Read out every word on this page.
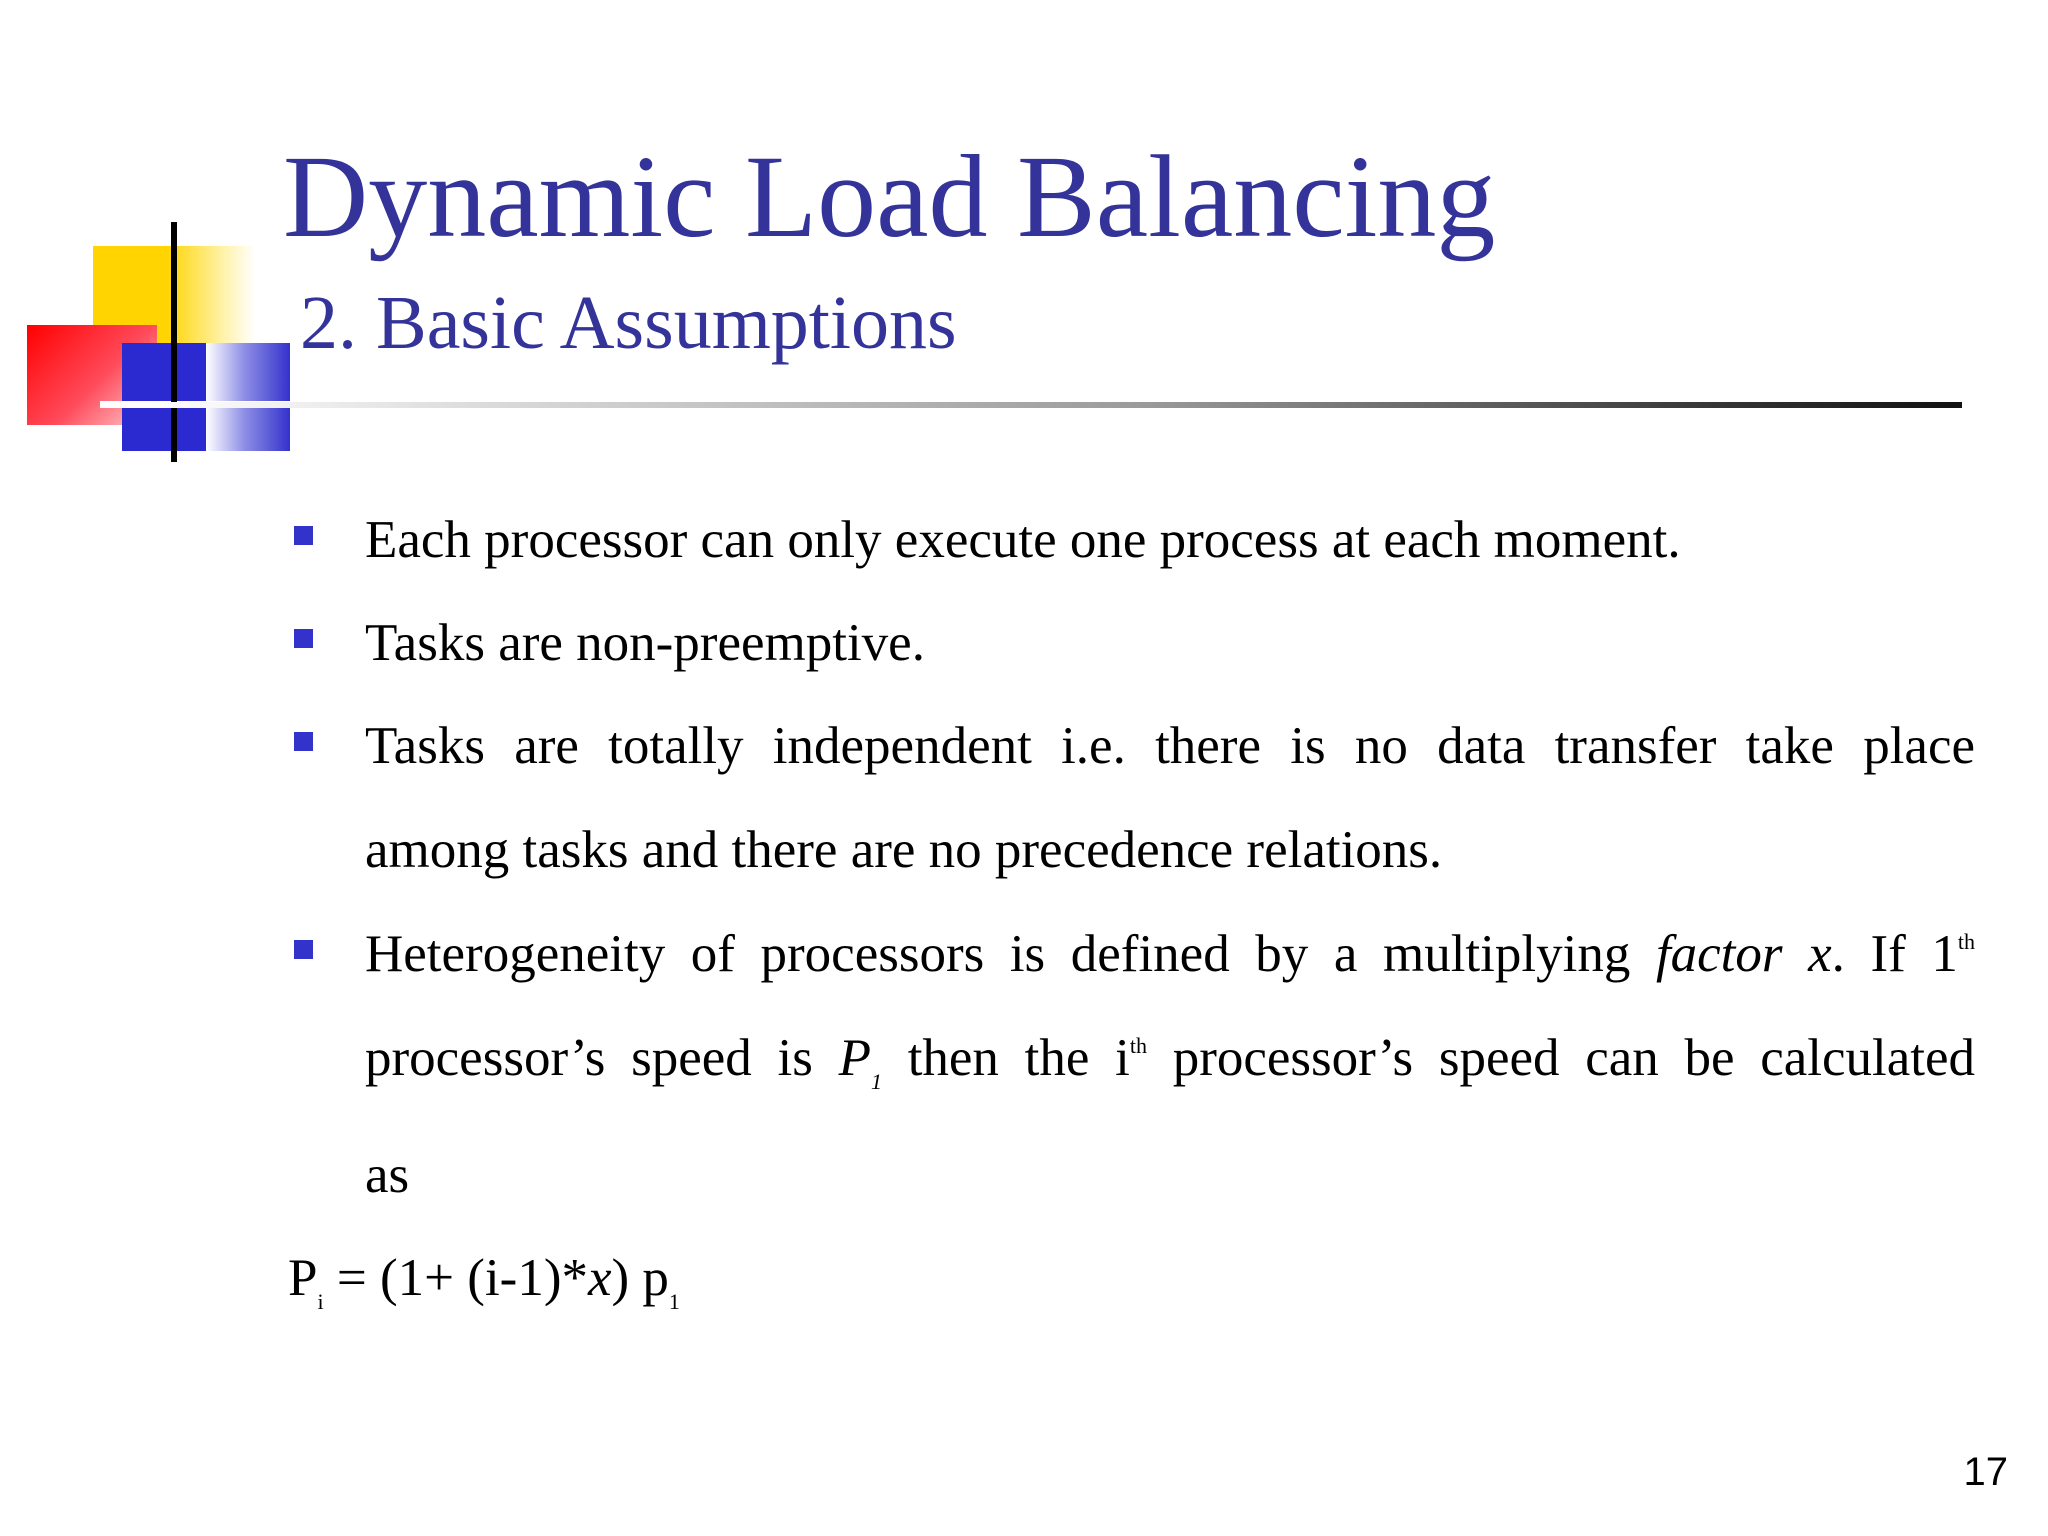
Dynamic Load Balancing
2. Basic Assumptions
Each processor can only execute one process at each moment.
Tasks are non-preemptive.
Tasks are totally independent i.e. there is no data transfer take place
among tasks and there are no precedence relations.
Heterogeneity of processors is defined by a multiplying factor x. If 1th
processor’s speed is $P_1$ then the $i^{th}$ processor’s speed can be calculated
as
$P_i = (1+ (i-1)*x)$ $p_1$
17
